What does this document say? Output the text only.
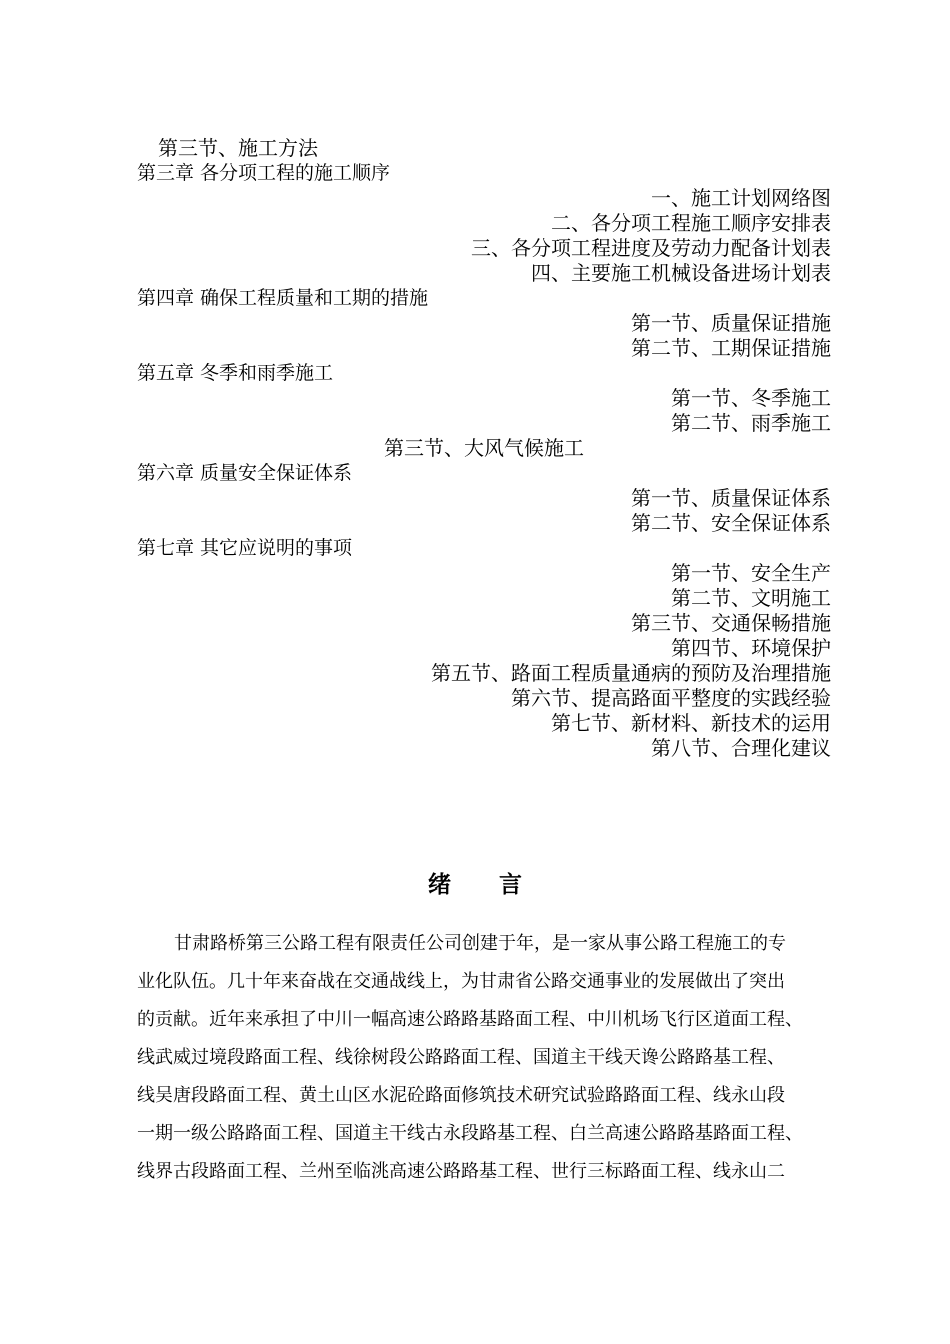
第三节、施工方法
第三章 各分项工程的施工顺序
一、施工计划网络图
二、各分项工程施工顺序安排表
三、各分项工程进度及劳动力配备计划表
四、主要施工机械设备进场计划表
第四章 确保工程质量和工期的措施
第一节、质量保证措施
第二节、工期保证措施
第五章 冬季和雨季施工
第一节、冬季施工
第二节、雨季施工
第三节、大风气候施工
第六章 质量安全保证体系
第一节、质量保证体系
第二节、安全保证体系
第七章 其它应说明的事项
第一节、安全生产
第二节、文明施工
第三节、交通保畅措施
第四节、环境保护
第五节、路面工程质量通病的预防及治理措施
第六节、提高路面平整度的实践经验
第七节、新材料、新技术的运用
第八节、合理化建议
绪 言

甘肃路桥第三公路工程有限责任公司创建于年，是一家从事公路工程施工的专

业化队伍。几十年来奋战在交通战线上，为甘肃省公路交通事业的发展做出了突出

的贡献。近年来承担了中川一幅高速公路路基路面工程、中川机场飞行区道面工程、

线武威过境段路面工程、线徐树段公路路面工程、国道主干线天谗公路路基工程、

线吴唐段路面工程、黄土山区水泥砼路面修筑技术研究试验路路面工程、线永山段

一期一级公路路面工程、国道主干线古永段路基工程、白兰高速公路路基路面工程、

线界古段路面工程、兰州至临洮高速公路路基工程、世行三标路面工程、线永山二
